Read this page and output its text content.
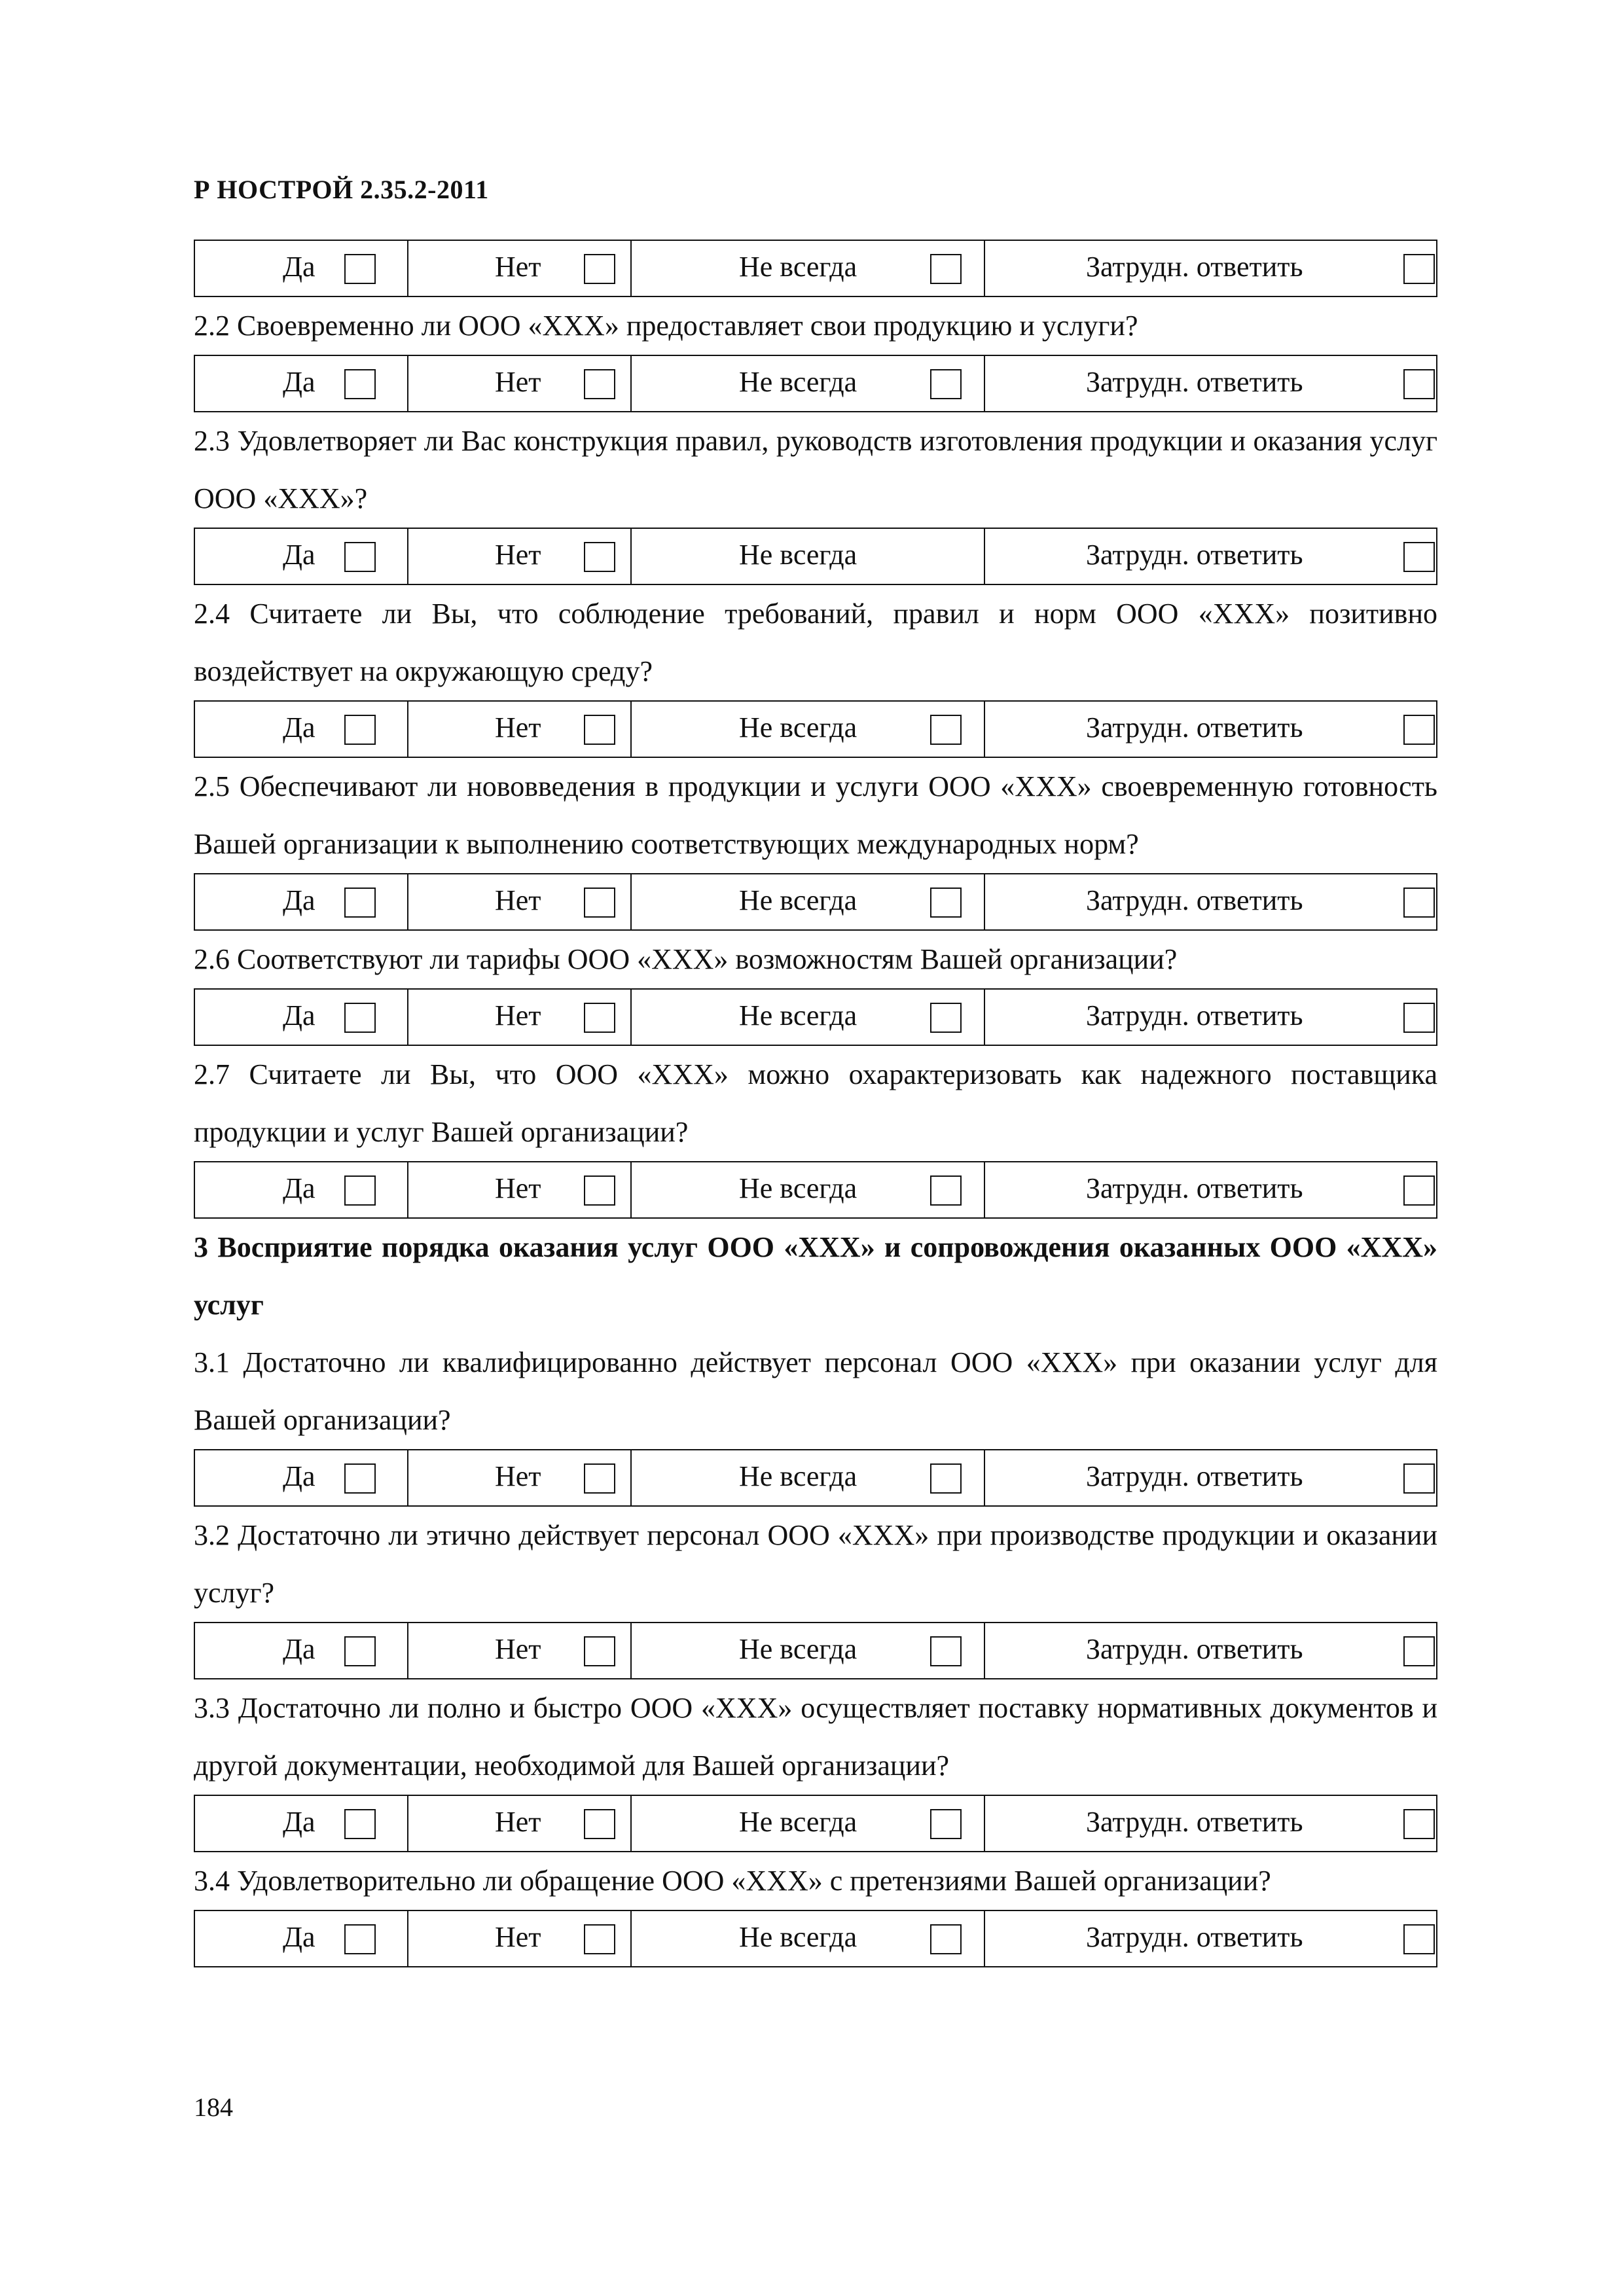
Р НОСТРОЙ 2.35.2-2011
Да	Нет	Не всегда	Затрудн. ответить

2.2 Своевременно ли ООО «XXX» предоставляет свои продукцию и услуги?

Да	Нет	Не всегда	Затрудн. ответить

2.3 Удовлетворяет ли Вас конструкция правил, руководств изготовления продукции и оказания услуг ООО «XXX»?

Да	Нет	Не всегда	Затрудн. ответить

2.4 Считаете ли Вы, что соблюдение требований, правил и норм ООО «XXX» позитивно воздействует на окружающую среду?

Да	Нет	Не всегда	Затрудн. ответить

2.5 Обеспечивают ли нововведения в продукции и услуги ООО «XXX» своевременную готовность Вашей организации к выполнению соответствующих международных норм?

Да	Нет	Не всегда	Затрудн. ответить

2.6 Соответствуют ли тарифы ООО «XXX» возможностям Вашей организации?

Да	Нет	Не всегда	Затрудн. ответить

2.7 Считаете ли Вы, что ООО «XXX» можно охарактеризовать как надежного поставщика продукции и услуг Вашей организации?

Да	Нет	Не всегда	Затрудн. ответить

3 Восприятие порядка оказания услуг ООО «XXX» и сопровождения оказанных ООО «XXX» услуг

3.1 Достаточно ли квалифицированно действует персонал ООО «XXX» при оказании услуг для Вашей организации?

Да	Нет	Не всегда	Затрудн. ответить

3.2 Достаточно ли этично действует персонал ООО «XXX» при производстве продукции и оказании услуг?

Да	Нет	Не всегда	Затрудн. ответить

3.3 Достаточно ли полно и быстро ООО «XXX» осуществляет поставку нормативных документов и другой документации, необходимой для Вашей организации?

Да	Нет	Не всегда	Затрудн. ответить

3.4 Удовлетворительно ли обращение ООО «XXX» с претензиями Вашей организации?

Да	Нет	Не всегда	Затрудн. ответить
184
